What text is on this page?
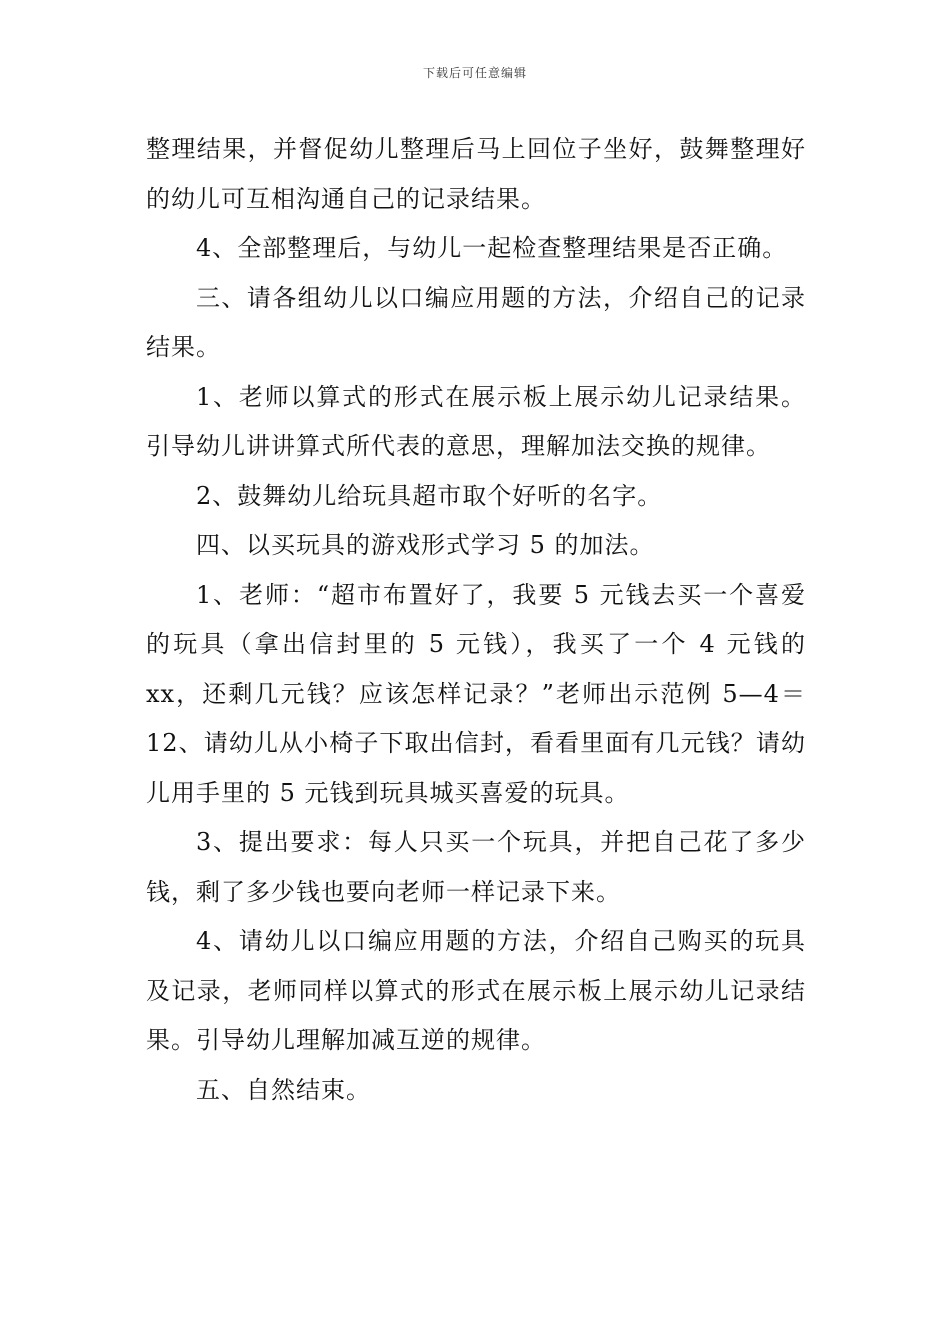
下载后可任意编辑

整理结果，并督促幼儿整理后马上回位子坐好，鼓舞整理好的幼儿可互相沟通自己的记录结果。

4、全部整理后，与幼儿一起检查整理结果是否正确。

三、请各组幼儿以口编应用题的方法，介绍自己的记录结果。

1、老师以算式的形式在展示板上展示幼儿记录结果。引导幼儿讲讲算式所代表的意思，理解加法交换的规律。

2、鼓舞幼儿给玩具超市取个好听的名字。

四、以买玩具的游戏形式学习 5 的加法。

1、老师：“超市布置好了，我要 5 元钱去买一个喜爱的玩具（拿出信封里的 5 元钱），我买了一个 4 元钱的 xx，还剩几元钱？应该怎样记录？”老师出示范例 5—4＝12、请幼儿从小椅子下取出信封，看看里面有几元钱？请幼儿用手里的 5 元钱到玩具城买喜爱的玩具。

3、提出要求：每人只买一个玩具，并把自己花了多少钱，剩了多少钱也要向老师一样记录下来。

4、请幼儿以口编应用题的方法，介绍自己购买的玩具及记录，老师同样以算式的形式在展示板上展示幼儿记录结果。引导幼儿理解加减互逆的规律。

五、自然结束。
